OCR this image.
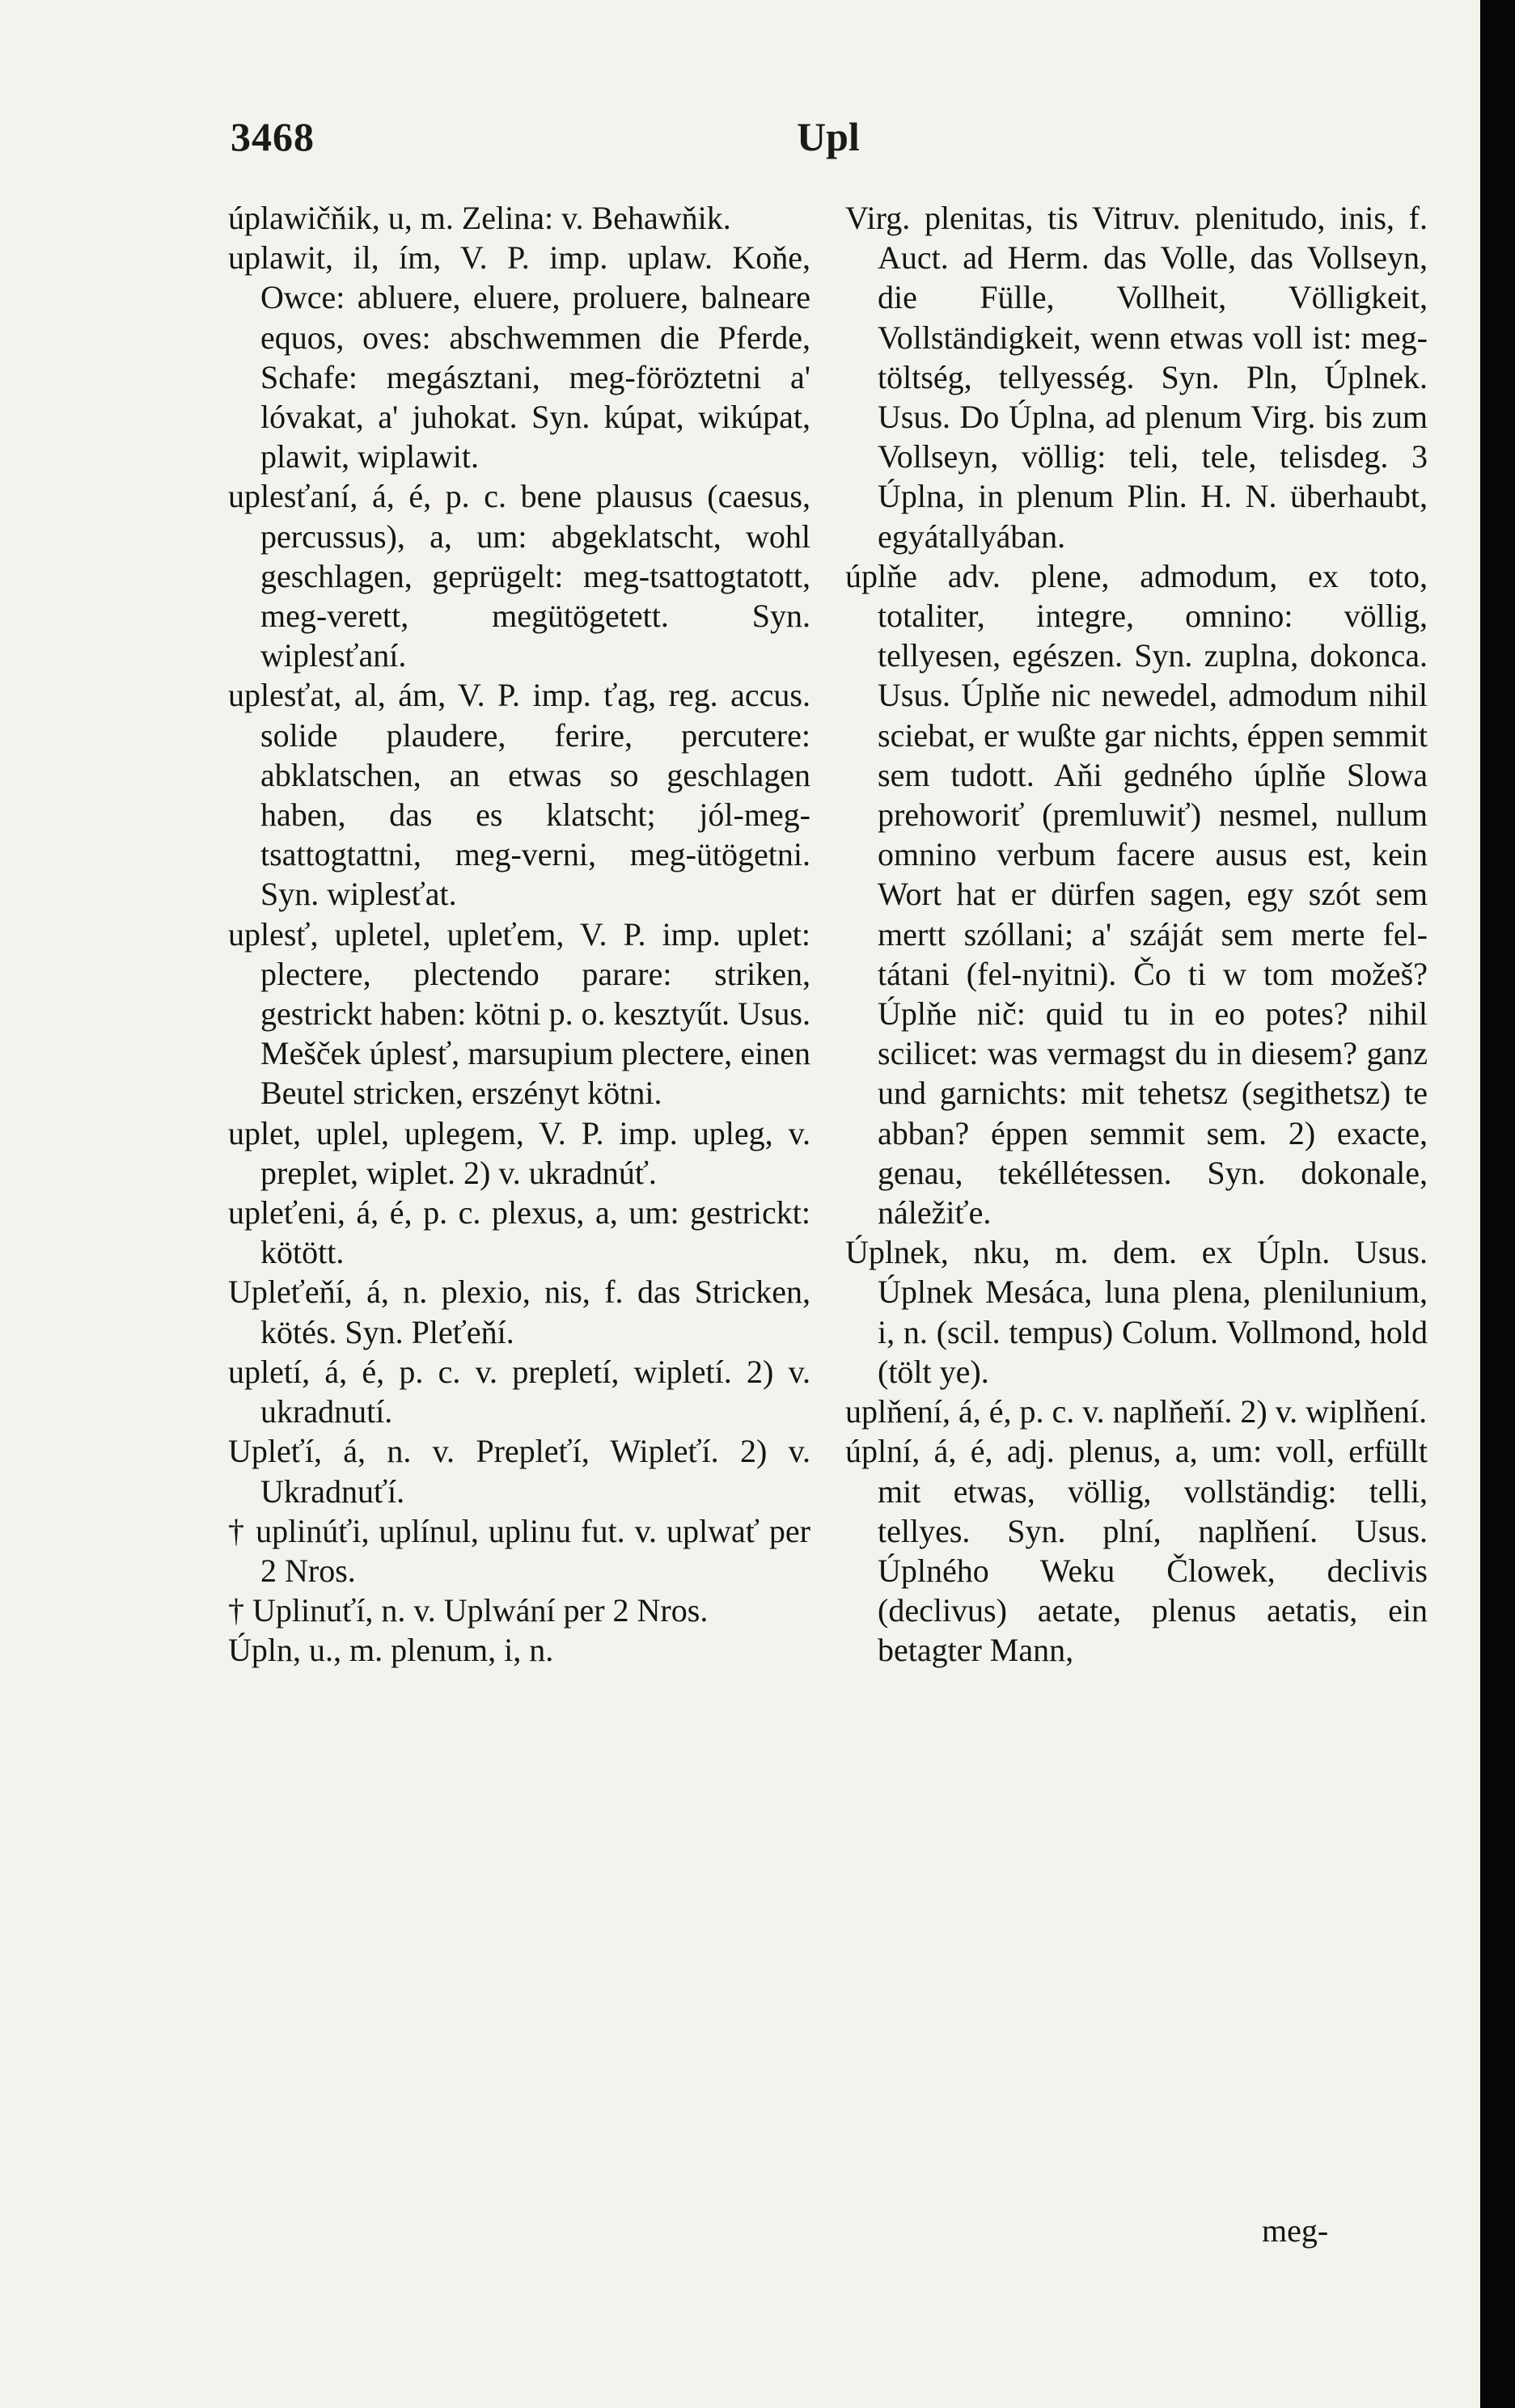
3468	Upl

úplawičňik, u, m. Zelina: v. Behawňik.

uplawit, il, ím, V. P. imp. uplaw. Koňe, Owce: abluere, eluere, proluere, balneare equos, oves: abschwemmen die Pferde, Schafe: megásztani, meg-föröztetni a' lóvakat, a' juhokat. Syn. kúpat, wikúpat, plawit, wiplawit.

uplesťaní, á, é, p. c. bene plausus (caesus, percussus), a, um: abgeklatscht, wohl geschlagen, geprügelt: meg-tsattogtatott, meg-verett, megütögetett. Syn. wiplesťaní.

uplesťat, al, ám, V. P. imp. ťag, reg. accus. solide plaudere, ferire, percutere: abklatschen, an etwas so geschlagen haben, das es klatscht; jól-meg-tsattogtattni, meg-verni, meg-ütögetni. Syn. wiplesťat.

uplesť, upletel, upleťem, V. P. imp. uplet: plectere, plectendo parare: striken, gestrickt haben: kötni p. o. kesztyűt. Usus. Mešček úplesť, marsupium plectere, einen Beutel stricken, erszényt kötni.

uplet, uplel, uplegem, V. P. imp. upleg, v. preplet, wiplet. 2) v. ukradnúť.

upleťeni, á, é, p. c. plexus, a, um: gestrickt: kötött.

Upleťeňí, á, n. plexio, nis, f. das Stricken, kötés. Syn. Pleťeňí.

upletí, á, é, p. c. v. prepletí, wipletí. 2) v. ukradnutí.

Upleťí, á, n. v. Prepleťí, Wipleťí. 2) v. Ukradnuťí.

† uplinúťi, uplínul, uplinu fut. v. uplwať per 2 Nros.

† Uplinuťí, n. v. Uplwání per 2 Nros.

Úpln, u., m. plenum, i, n.

Virg. plenitas, tis Vitruv. plenitudo, inis, f. Auct. ad Herm. das Volle, das Vollseyn, die Fülle, Vollheit, Völligkeit, Vollständigkeit, wenn etwas voll ist: meg-töltség, tellyesség. Syn. Pln, Úplnek. Usus. Do Úplna, ad plenum Virg. bis zum Vollseyn, völlig: teli, tele, telisdeg. 3 Úplna, in plenum Plin. H. N. überhaubt, egyátallyában.

úplňe adv. plene, admodum, ex toto, totaliter, integre, omnino: völlig, tellyesen, egészen. Syn. zuplna, dokonca. Usus. Úplňe nic newedel, admodum nihil sciebat, er wußte gar nichts, éppen semmit sem tudott. Aňi gedného úplňe Slowa prehoworiť (premluwiť) nesmel, nullum omnino verbum facere ausus est, kein Wort hat er dürfen sagen, egy szót sem mertt szóllani; a' száját sem merte fel-tátani (fel-nyitni). Čo ti w tom možeš? Úplňe nič: quid tu in eo potes? nihil scilicet: was vermagst du in diesem? ganz und garnichts: mit tehetsz (segithetsz) te abban? éppen semmit sem. 2) exacte, genau, tekéllétessen. Syn. dokonale, náležiťe.

Úplnek, nku, m. dem. ex Úpln. Usus. Úplnek Mesáca, luna plena, plenilunium, i, n. (scil. tempus) Colum. Vollmond, hold (tölt ye).

uplňení, á, é, p. c. v. naplňeňí. 2) v. wiplňení.

úplní, á, é, adj. plenus, a, um: voll, erfüllt mit etwas, völlig, vollständig: telli, tellyes. Syn. plní, naplňení. Usus. Úplného Weku Člowek, declivis (declivus) aetate, plenus aetatis, ein betagter Mann,

meg-
